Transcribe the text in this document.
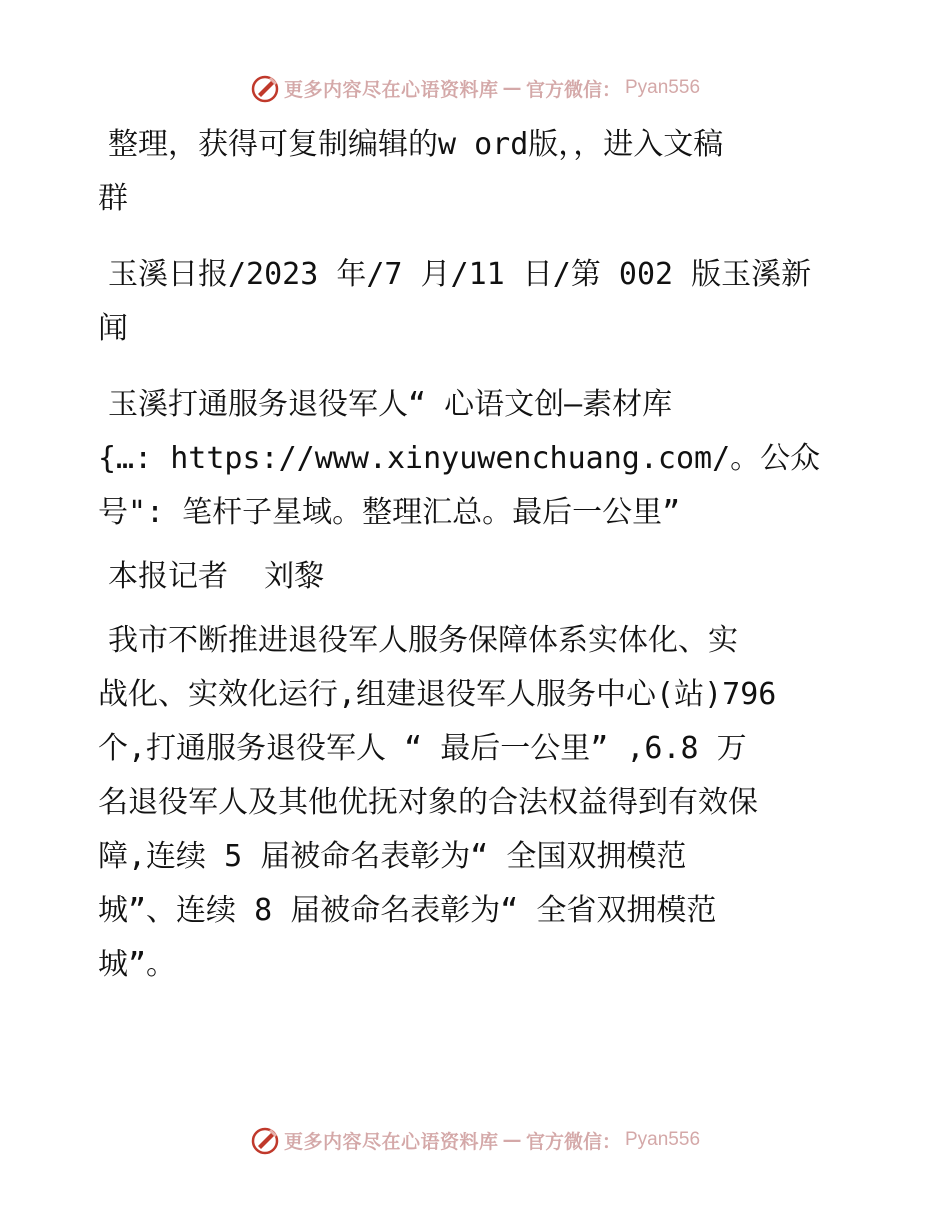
更多内容尽在心语资料库 — 官方微信： Pyan556

整理，获得可复制编辑的w ord版，，进入文稿
群

玉溪日报/2023 年/7 月/11 日/第 002 版玉溪新
闻

玉溪打通服务退役军人“ 心语文创—素材库
{…: https://www.xinyuwenchuang.com/。公众
号": 笔杆子星域。整理汇总。最后一公里”

本报记者  刘黎

我市不断推进退役军人服务保障体系实体化、实
战化、实效化运行,组建退役军人服务中心(站)796
个,打通服务退役军人 “ 最后一公里” ,6.8 万
名退役军人及其他优抚对象的合法权益得到有效保
障,连续 5 届被命名表彰为“ 全国双拥模范
城”、连续 8 届被命名表彰为“ 全省双拥模范
城”。

更多内容尽在心语资料库 — 官方微信： Pyan556
